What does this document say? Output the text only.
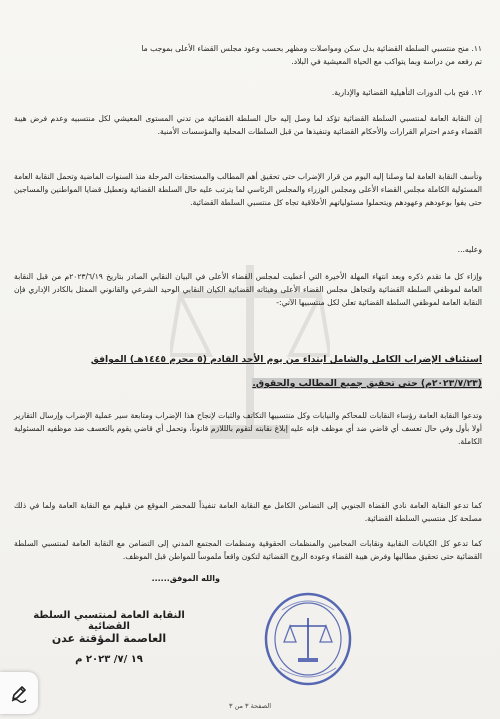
١١. منح منتسبي السلطة القضائية بدل سكن ومواصلات ومظهر بحسب وعود مجلس القضاء الأعلى بموجب ما

تم رفعه من دراسة وبما يتواكب مع الحياة المعيشية في البلاد.

١٢. فتح باب الدورات التأهيلية القضائية والإدارية.

إن النقابة العامة لمنتسبي السلطة القضائية تؤكد لما وصل إليه حال السلطة القضائية من تدني المستوى المعيشي لكل منتسبيه وعدم فرض هيبة القضاء وعدم احترام القرارات والأحكام القضائية وتنفيذها من قبل السلطات المحلية والمؤسسات الأمنية.

وتأسف النقابة العامة لما وصلنا إليه اليوم من قرار الإضراب حتى تحقيق أهم المطالب والمستحقات المرحلة منذ السنوات الماضية وتحمل النقابة العامة المسئولية الكاملة مجلس القضاء الأعلى ومجلس الوزراء والمجلس الرئاسي لما يترتب عليه حال السلطة القضائية وتعطيل قضايا المواطنين والمساجين حتى يفوا بوعودهم وعهودهم ويتحملوا مسئولياتهم الأخلاقية تجاه كل منتسبي السلطة القضائية.

وعليه...

وإزاء كل ما تقدم ذكره وبعد انتهاء المهلة الأخيرة التي أعطيت لمجلس القضاء الأعلى في البيان النقابي الصادر بتاريخ ٢٠٢٣/٦/١٩م من قبل النقابة العامة لموظفي السلطة القضائية ولتجاهل مجلس القضاء الأعلى وهيئاته القضائية الكيان النقابي الوحيد الشرعي والقانوني الممثل بالكادر الإداري فإن النقابة العامة لموظفي السلطة القضائية تعلن لكل منتسبيها الآتي:-

استئناف الإضراب الكامل والشامل ابتداء من يوم الأحد القادم (٥ محرم ١٤٤٥هـ) الموافق
(٢٠٢٣/٧/٢٣م) حتى تحقيق جميع المطالب والحقوق.

وتدعوا النقابة العامة رؤساء النقابات للمحاكم والنيابات وكل منتسبيها التكاتف والثبات لإنجاح هذا الإضراب ومتابعة سير عملية الإضراب وإرسال التقارير أولا بأول وفي حال تعسف أي قاضي ضد أي موظف فإنه عليه إبلاغ نقابته لتقوم بالللازم قانوناً، وتحمل أي قاضي يقوم بالتعسف ضد موظفيه المسئولية الكاملة.

كما تدعو النقابة العامة نادي القضاة الجنوبي إلى التضامن الكامل مع النقابة العامة تنفيذاً للمحضر الموقع من قبلهم مع النقابة العامة ولما في ذلك مصلحة كل منتسبي السلطة القضائية.

كما تدعو كل الكيانات النقابية ونقابات المحامين والمنظمات الحقوقية ومنظمات المجتمع المدني إلى التضامن مع النقابة العامة لمنتسبي السلطة القضائية حتى تحقيق مطالبها وفرض هيبة القضاء وعودة الروح القضائية لتكون واقعاً ملموساً للمواطن قبل الموظف.

والله الموفق......
النقابة العامة لمنتسبي السلطة القضائية
العاصمة المؤقتة عدن
١٩ /٧/ ٢٠٢٣ م
الصفحة ٣ من ٣
